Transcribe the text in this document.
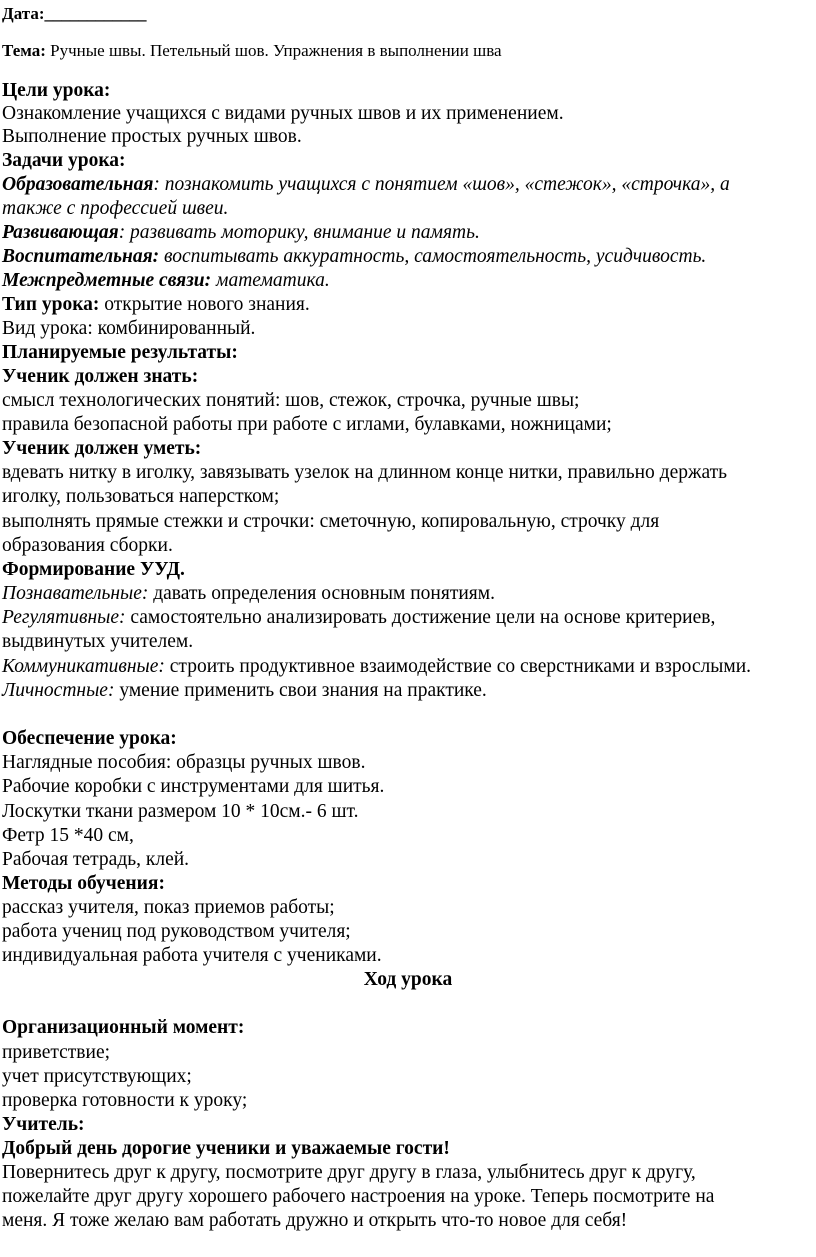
Дата:____________
Тема: Ручные швы. Петельный шов. Упражнения в выполнении шва
Цели урока:
Ознакомление учащихся с видами ручных швов и их применением.
Выполнение простых ручных швов.
Задачи урока:
Образовательная: познакомить учащихся с понятием «шов», «стежок», «строчка», а
также с профессией швеи.
Развивающая: развивать моторику, внимание и память.
Воспитательная: воспитывать аккуратность, самостоятельность, усидчивость.
Межпредметные связи: математика.
Тип урока: открытие нового знания.
Вид урока: комбинированный.
Планируемые результаты:
Ученик должен знать:
смысл технологических понятий: шов, стежок, строчка, ручные швы;
правила безопасной работы при работе с иглами, булавками, ножницами;
Ученик должен уметь:
вдевать нитку в иголку, завязывать узелок на длинном конце нитки, правильно держать
иголку, пользоваться наперстком;
выполнять прямые стежки и строчки: сметочную, копировальную, строчку для
образования сборки.
Формирование УУД.
Познавательные: давать определения основным понятиям.
Регулятивные: самостоятельно анализировать достижение цели на основе критериев,
выдвинутых учителем.
Коммуникативные: строить продуктивное взаимодействие со сверстниками и взрослыми.
Личностные: умение применить свои знания на практике.
Обеспечение урока:
Наглядные пособия: образцы ручных швов.
Рабочие коробки с инструментами для шитья.
Лоскутки ткани размером 10 * 10см.- 6 шт.
Фетр 15 *40 см,
Рабочая тетрадь, клей.
Методы обучения:
рассказ учителя, показ приемов работы;
работа учениц под руководством учителя;
индивидуальная работа учителя с учениками.
Ход урока
Организационный момент:
приветствие;
учет присутствующих;
проверка готовности к уроку;
Учитель:
Добрый день дорогие ученики и уважаемые гости!
Повернитесь друг к другу, посмотрите друг другу в глаза, улыбнитесь друг к другу,
пожелайте друг другу хорошего рабочего настроения на уроке. Теперь посмотрите на
меня. Я тоже желаю вам работать дружно и открыть что-то новое для себя!
